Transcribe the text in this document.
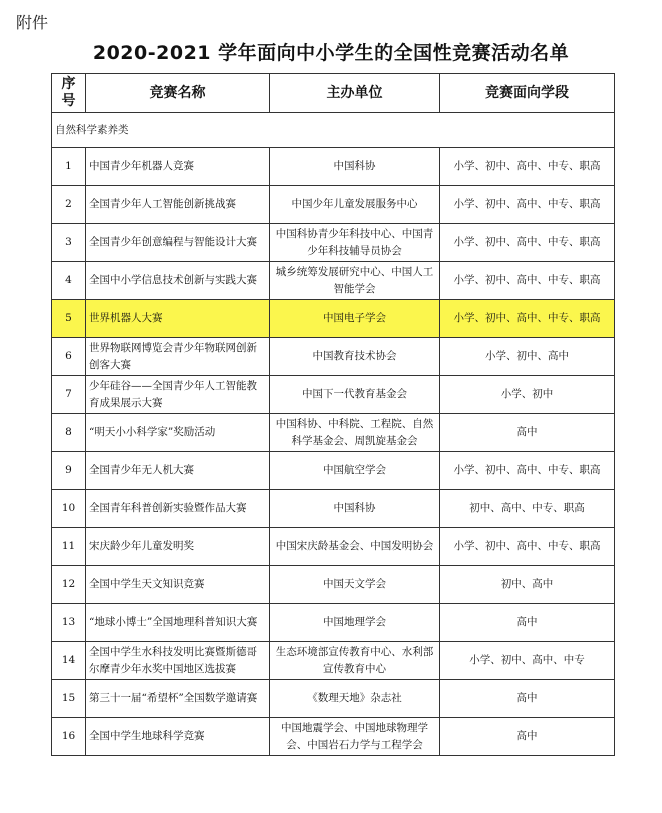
附件
2020-2021 学年面向中小学生的全国性竞赛活动名单
序号	竞赛名称	主办单位	竞赛面向学段
自然科学素养类			
1	中国青少年机器人竞赛	中国科协	小学、初中、高中、中专、职高
2	全国青少年人工智能创新挑战赛	中国少年儿童发展服务中心	小学、初中、高中、中专、职高
3	全国青少年创意编程与智能设计大赛	中国科协青少年科技中心、中国青少年科技辅导员协会	小学、初中、高中、中专、职高
4	全国中小学信息技术创新与实践大赛	城乡统筹发展研究中心、中国人工智能学会	小学、初中、高中、中专、职高
5	世界机器人大赛	中国电子学会	小学、初中、高中、中专、职高
6	世界物联网博览会青少年物联网创新创客大赛	中国教育技术协会	小学、初中、高中
7	少年硅谷——全国青少年人工智能教育成果展示大赛	中国下一代教育基金会	小学、初中
8	“明天小小科学家”奖励活动	中国科协、中科院、工程院、自然科学基金会、周凯旋基金会	高中
9	全国青少年无人机大赛	中国航空学会	小学、初中、高中、中专、职高
10	全国青年科普创新实验暨作品大赛	中国科协	初中、高中、中专、职高
11	宋庆龄少年儿童发明奖	中国宋庆龄基金会、中国发明协会	小学、初中、高中、中专、职高
12	全国中学生天文知识竞赛	中国天文学会	初中、高中
13	“地球小博士”全国地理科普知识大赛	中国地理学会	高中
14	全国中学生水科技发明比赛暨斯德哥尔摩青少年水奖中国地区选拔赛	生态环境部宣传教育中心、水利部宣传教育中心	小学、初中、高中、中专
15	第三十一届“希望杯”全国数学邀请赛	《数理天地》杂志社	高中
16	全国中学生地球科学竞赛	中国地震学会、中国地球物理学会、中国岩石力学与工程学会	高中
